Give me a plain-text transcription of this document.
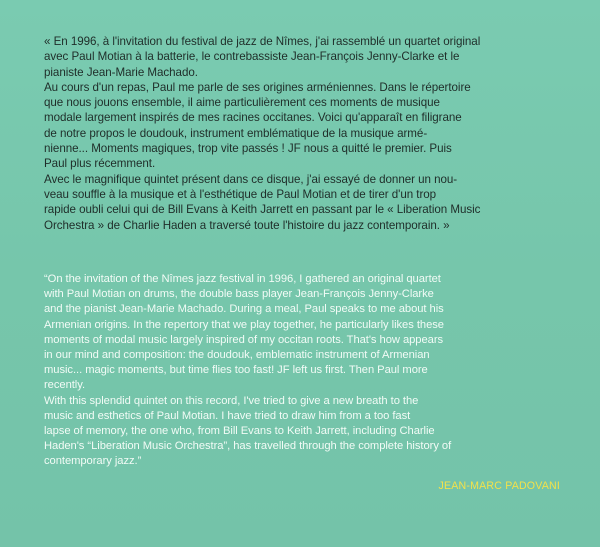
« En 1996, à l'invitation du festival de jazz de Nîmes, j'ai rassemblé un quartet original
avec Paul Motian à la batterie, le contrebassiste Jean-François Jenny-Clarke et le
pianiste Jean-Marie Machado.
Au cours d'un repas, Paul me parle de ses origines arméniennes. Dans le répertoire
que nous jouons ensemble, il aime particulièrement ces moments de musique
modale largement inspirés de mes racines occitanes. Voici qu'apparaît en filigrane
de notre propos le doudouk, instrument emblématique de la musique armé-
nienne... Moments magiques, trop vite passés ! JF nous a quitté le premier. Puis
Paul plus récemment.
Avec le magnifique quintet présent dans ce disque, j'ai essayé de donner un nou-
veau souffle à la musique et à l'esthétique de Paul Motian et de tirer d'un trop
rapide oubli celui qui de Bill Evans à Keith Jarrett en passant par le « Liberation Music
Orchestra » de Charlie Haden a traversé toute l'histoire du jazz contemporain. »
“On the invitation of the Nîmes jazz festival in 1996, I gathered an original quartet
with Paul Motian on drums, the double bass player Jean-François Jenny-Clarke
and the pianist Jean-Marie Machado. During a meal, Paul speaks to me about his
Armenian origins. In the repertory that we play together, he particularly likes these
moments of modal music largely inspired of my occitan roots. That's how appears
in our mind and composition: the doudouk, emblematic instrument of Armenian
music... magic moments, but time flies too fast! JF left us first. Then Paul more
recently.
With this splendid quintet on this record, I've tried to give a new breath to the
music and esthetics of Paul Motian. I have tried to draw him from a too fast
lapse of memory, the one who, from Bill Evans to Keith Jarrett, including Charlie
Haden's “Liberation Music Orchestra”, has travelled through the complete history of
contemporary jazz.”
JEAN-MARC PADOVANI
